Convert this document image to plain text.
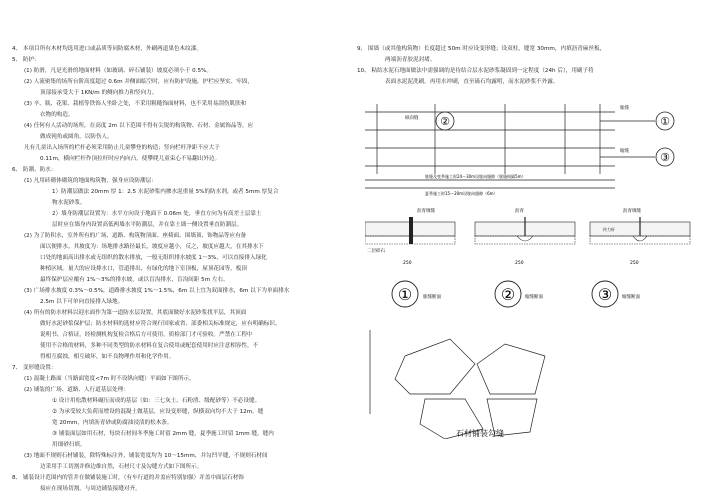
4、 本项目所有木材均选用进口或品质等同防腐木材，外刷两道果色木纹漆。
5、 防护:
(1) 防滑，凡是光滑的地面材料（如玻璃、碎石铺装）坡度必须小于 0.5%。
(2) 人流密集的场所台阶高度超过 0.6m 并侧面临空时，应有防护设施，护栏应坚实、牢固，
顶部接承受大于 1KN/m 的侧向推力和竖向力。
(3) 辛、瓶、花架、栽植等铁饰人坐卧之处，不采用粗糙饰面材料，也不采用易刮伤肌肤和
衣物的构造。
(4) 任何有人活动的场所，在高度 2m 以下范围不得有尖锐的构筑物、石材、金属饰品等，应
做成钝角或圆角，以防伤人。
凡有儿童出入场所的栏杆必须采用防止儿童攀登的构造；竖向栏杆净距不应大于
0.11m，横向栏杆作顶拉杆时应内向凸，使攀爬儿童束心不易翻出外边。
6、 防潮、防水：
(1) 凡用砖砌体砌筑的地面构筑物，强身应设防潮层：
1）防潮层做法 20mm 厚 1：2.5 水泥砂浆内掺水泥重量 5%的防水剂，或者 5mm 厚复合
物水泥砂浆。
2）墙身防潮层设置为：水平方向设于地面下 0.06m 处，垂直方向为有高差土层靠土
层时应在墙身内设置高低两墙水平防潮层，并在靠土墙一侧设置垂直防潮层。
(2) 为了防积水，室外所有的广场、道路、构筑物顶面、座椅面、围墙顶、饰物品等应有备
面以便排水。其坡度为：场地排水路径最长，坡度应越小，反之，坡度应越大，在其排水下
口处的地面高出排水或无组织的散水排放，一般无组织排水坡度 1～3%，可以直接排入绿化
种植区域。量大的应设排水口，管道排出，有绿化的地下室顶板，屋顶花园等，板顶
最终保护层应覆有 1%～3%的排水坡，或以盲沟排水，盲沟间距 5m 左右。
(3) 广场排水坡度 0.3%～0.5%，道路排水坡度 1%～1.5%，6m 以上宜为双面排水，6m 以下为单面排水
2.5m 以下可单向直接排入绿地。
(4) 所有的防水材料以迎水面作为第一道防水层设置，其底面做好水泥砂浆找平层，其顶面
做好水泥砂浆保护层；防水材料的选材应符合现行国家或省、部委相关标准规定，应有明确标识、
说明书、合格证，经检测机构复检合格后方可使用，质检部门才可验收。严禁在工程中
使用不合格的材料，多种不同类型的防水材料在复合使用或配套使用时应注意相容性，不
得相互腐蚀，相互破坏，如不良物理作用和化学作用。
7、 变形缝设置：
(1) 混凝土路面（当路面宽度<7m 时不设纵向缝）平面如下图所示。
(2) 铺装的广场、道路、人行道基层处理：
① 设计用松散材料碾压而成的基层（如：三七灰土、石粉渣、级配砂等）不必设缝。
② 为承受较大负荷而增设的混凝土做基层，应设变形缝，纵横双向均不大于 12m，缝
宽 20mm，内填沥青砂或防腐油浸渍的松木条。
③ 铺装面层如用石材，每块石材间冬季施工时留 2mm 缝，夏季施工时留 1mm 缝，缝内
用细砂扫填。
(3) 地面不规则石材铺装，除特殊标注外，铺装宽度均为 10～15mm，并勾凹平缝，不规则石材间
边采用手工切割并修边维自然，石材尺寸及勾缝方式如下图所示。
8、 铺装设计范围内的管井在做铺装施工时，（有车行道的并盖应特别加强）并盖中面层石材饰
接应在现场切割，与周边铺装接缝对齐。
9、 围墙（或其他构筑物）长度超过 50m 时应设变形缝；设双柱，缝宽 30mm，内填沥青麻丝板，
两端沥青胶泥封堵。
10、 粘结水泥石地面做法中需强调的是待结合层水泥砂浆凝固到一定程度（24h 后），用刷子将
表面水泥泥洗刷，再用水冲刷，直至砾石均露明，而水泥砂浆不外露。
②	①
③
纵向缝
胀缝
缩缝
胀缝及变季施工时24～30m设胀向缝隙（胀缝间隔5m）
夏季施工时15～20m设胀向缝隙（6m）
沥青填缝
二层碎石
250
沥青
250
沥青填缝
传力杆
250
① 胀缝断面	② 缩缝断面	③ 缩缝断面
石材铺装勾缝
